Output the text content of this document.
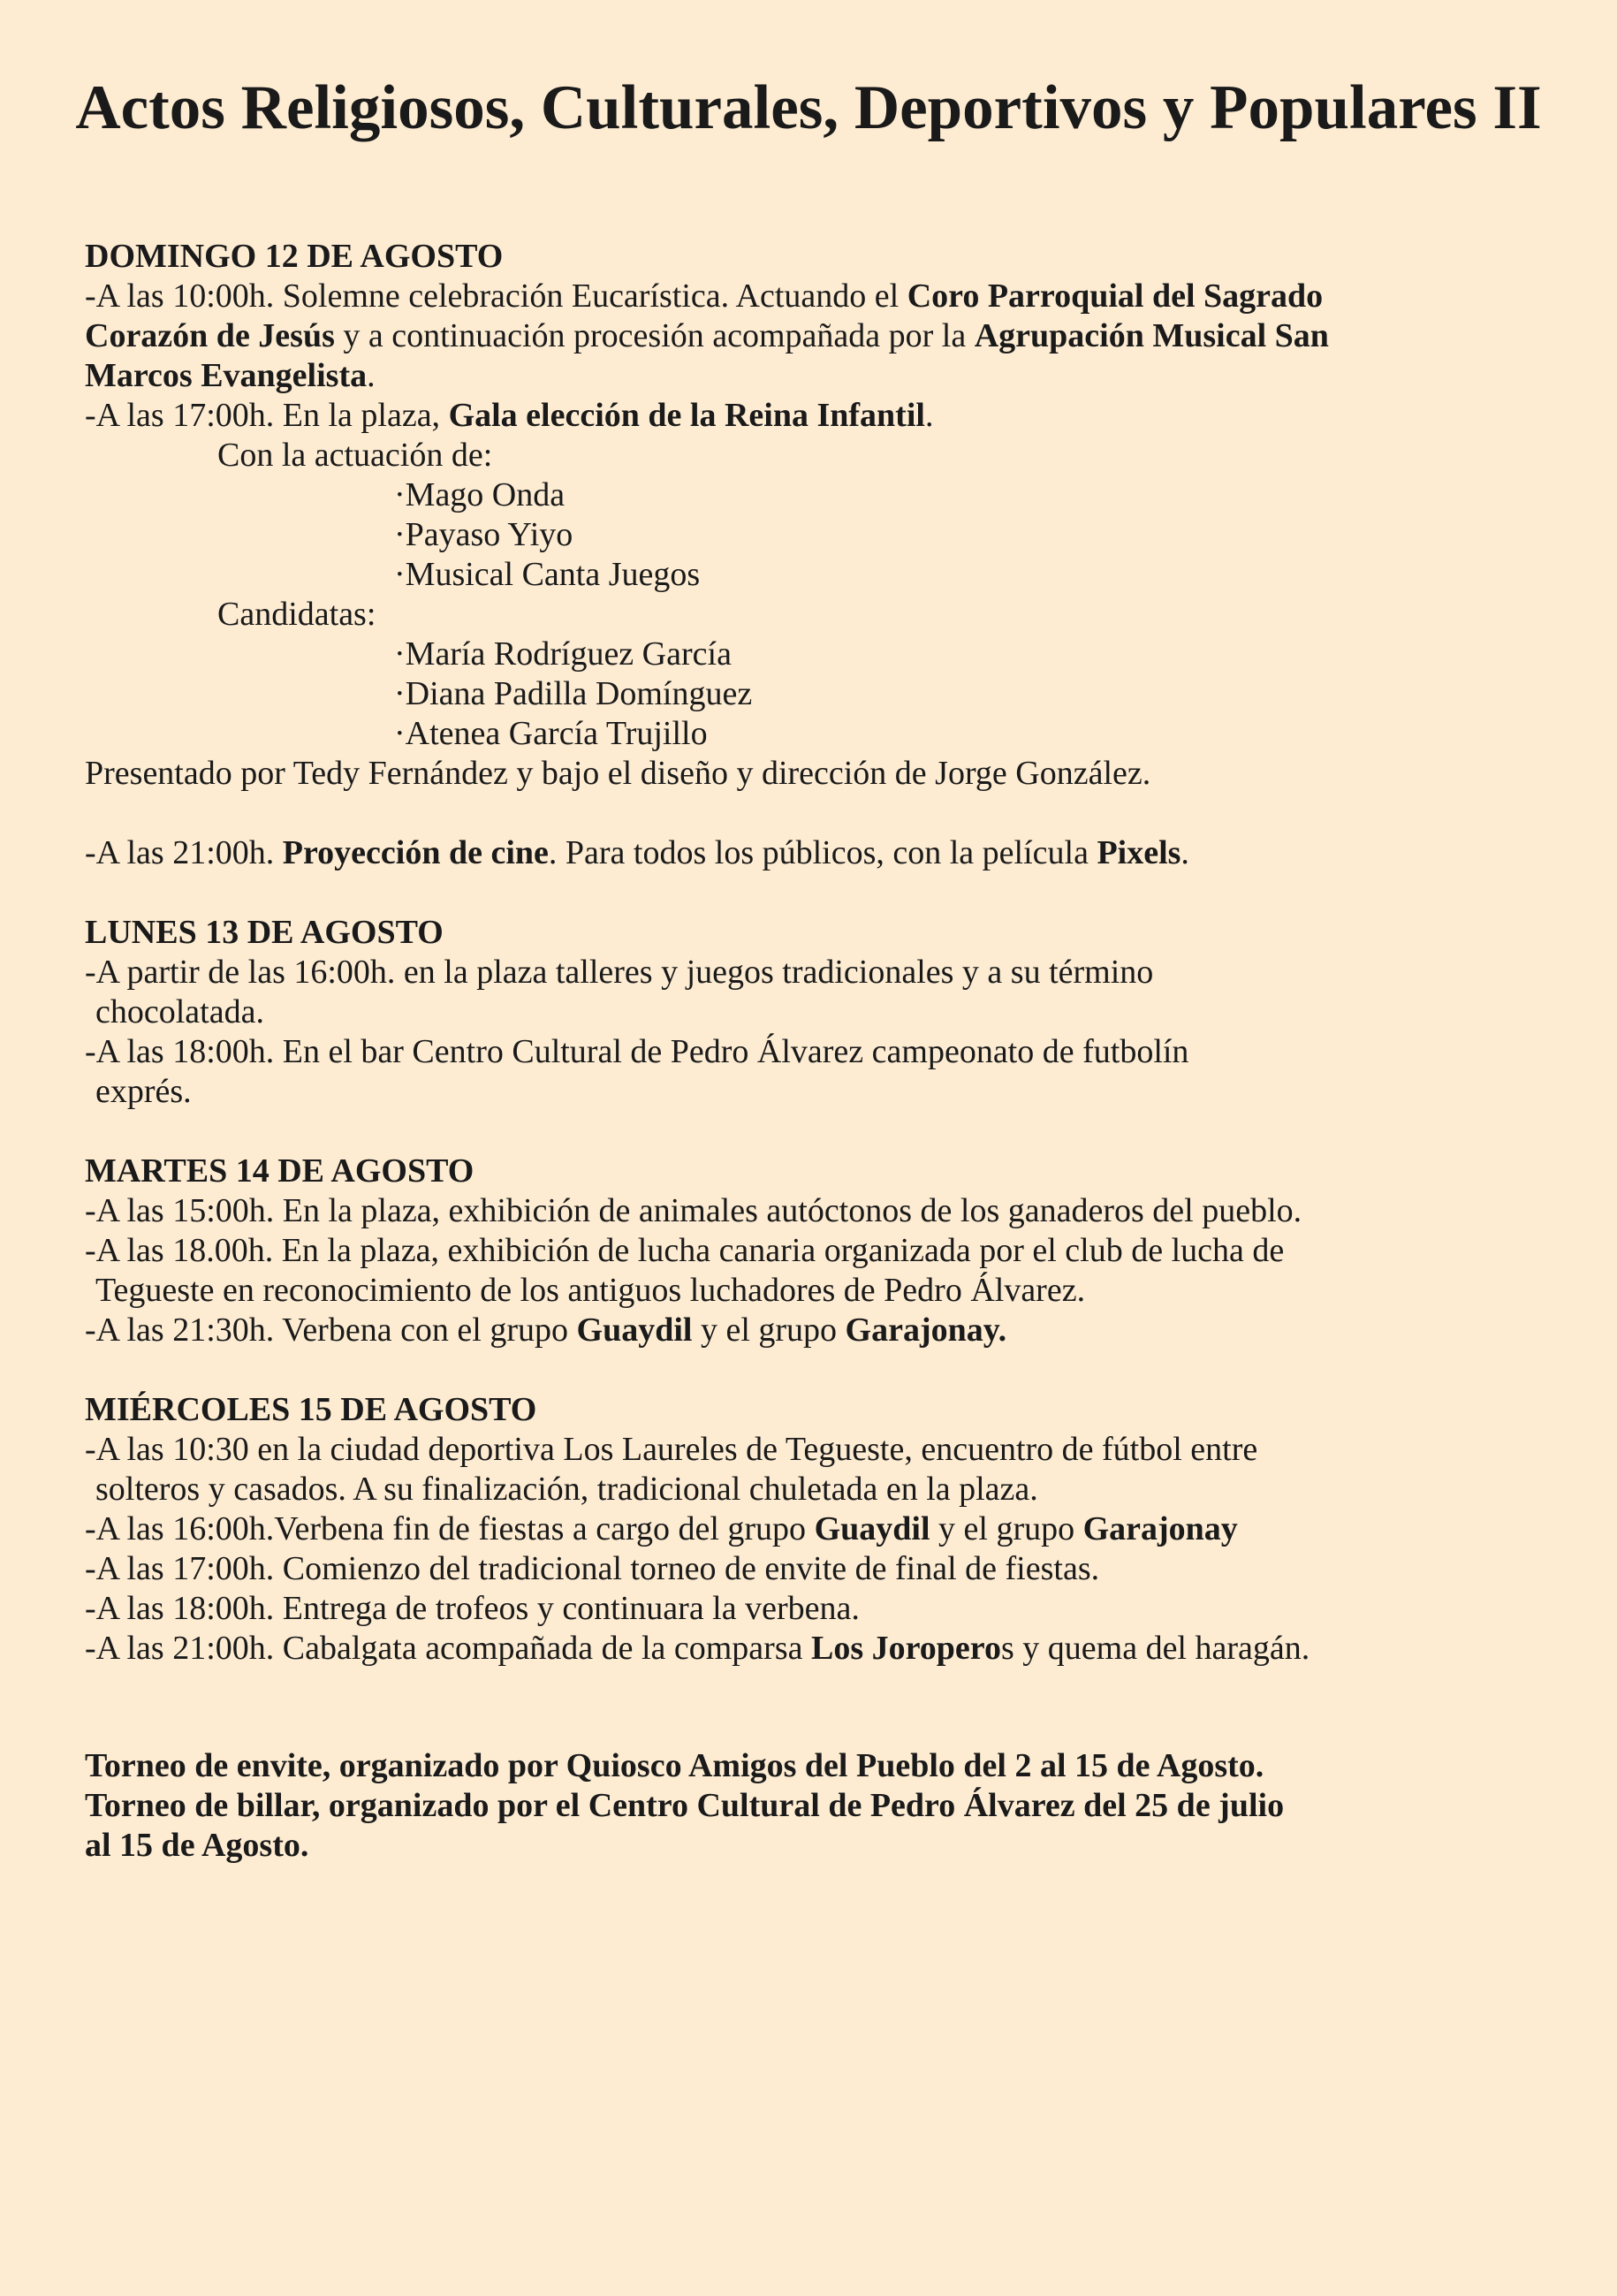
Actos Religiosos, Culturales, Deportivos y Populares II
DOMINGO 12 DE AGOSTO
-A las 10:00h. Solemne celebración Eucarística. Actuando el Coro Parroquial del Sagrado
Corazón de Jesús y a continuación procesión acompañada por la Agrupación Musical San
Marcos Evangelista.
-A las 17:00h. En la plaza, Gala elección de la Reina Infantil.
Con la actuación de:
·Mago Onda
·Payaso Yiyo
·Musical Canta Juegos
Candidatas:
·María Rodríguez García
·Diana Padilla Domínguez
·Atenea García Trujillo
Presentado por Tedy Fernández y bajo el diseño y dirección de Jorge González.
-A las 21:00h. Proyección de cine. Para todos los públicos, con la película Pixels.
LUNES 13 DE AGOSTO
-A partir de las 16:00h. en la plaza talleres y juegos tradicionales y a su término
chocolatada.
-A las 18:00h. En el bar Centro Cultural de Pedro Álvarez campeonato de futbolín
exprés.
MARTES 14 DE AGOSTO
-A las 15:00h. En la plaza, exhibición de animales autóctonos de los ganaderos del pueblo.
-A las 18.00h. En la plaza, exhibición de lucha canaria organizada por el club de lucha de
Tegueste en reconocimiento de los antiguos luchadores de Pedro Álvarez.
-A las 21:30h. Verbena con el grupo Guaydil y el grupo Garajonay.
MIÉRCOLES 15 DE AGOSTO
-A las 10:30 en la ciudad deportiva Los Laureles de Tegueste, encuentro de fútbol entre
solteros y casados. A su finalización, tradicional chuletada en la plaza.
-A las 16:00h.Verbena fin de fiestas a cargo del grupo Guaydil y el grupo Garajonay
-A las 17:00h. Comienzo del tradicional torneo de envite de final de fiestas.
-A las 18:00h. Entrega de trofeos y continuara la verbena.
-A las 21:00h. Cabalgata acompañada de la comparsa Los Joroperos y quema del haragán.
Torneo de envite, organizado por Quiosco Amigos del Pueblo del 2 al 15 de Agosto.
Torneo de billar, organizado por el Centro Cultural de Pedro Álvarez del 25 de julio
al 15 de Agosto.
